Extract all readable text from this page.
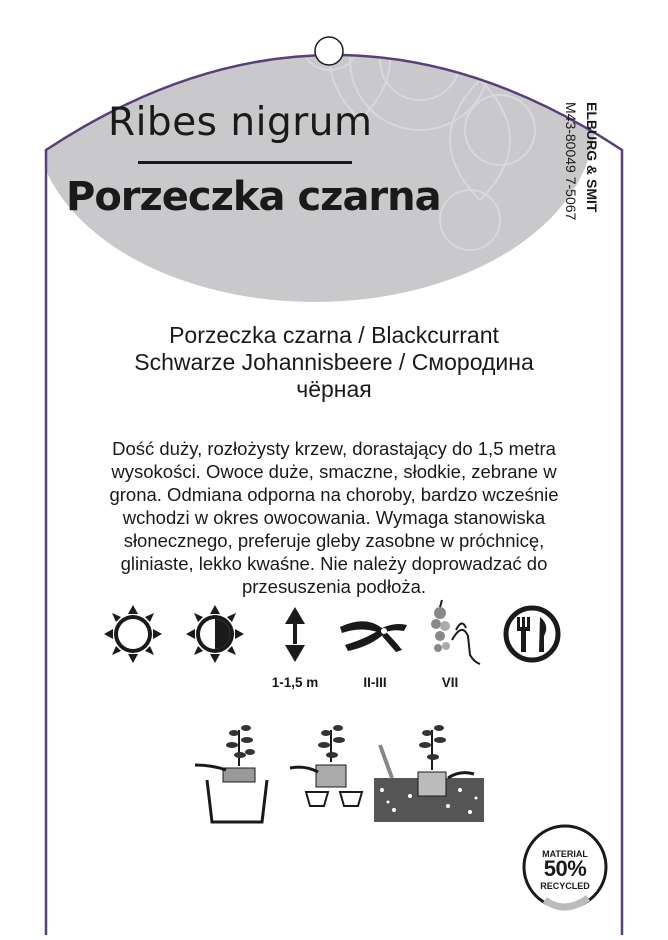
Ribes nigrum
Porzeczka czarna	ELBURG & SMIT
M43-80049 7-5067
Porzeczka czarna / Blackcurrant
Schwarze Johannisbeere / Смородина
чёрная
Dość duży, rozłożysty krzew, dorastający do 1,5 metra
wysokości. Owoce duże, smaczne, słodkie, zebrane w
grona. Odmiana odporna na choroby, bardzo wcześnie
wchodzi w okres owocowania. Wymaga stanowiska
słonecznego, preferuje gleby zasobne w próchnicę,
gliniaste, lekko kwaśne. Nie należy doprowadzać do
przesuszenia podłoża.
1-1,5 m	II-III	VII
MATERIAL
50%
RECYCLED
